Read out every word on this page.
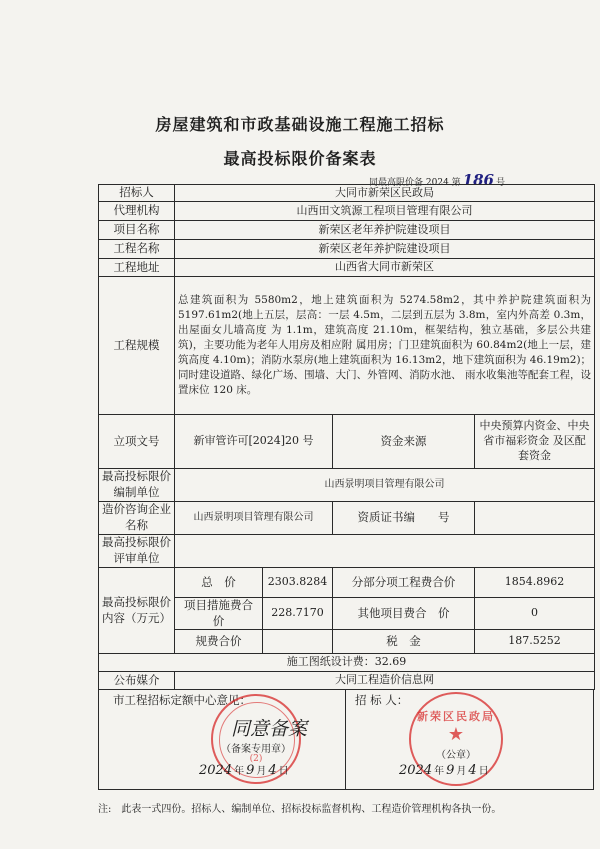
房屋建筑和市政基础设施工程施工招标
最高投标限价备案表
同最高限价备 2024 第 186 号
招标人	大同市新荣区民政局			
代理机构	山西田文筑源工程项目管理有限公司			
项目名称	新荣区老年养护院建设项目			
工程名称	新荣区老年养护院建设项目			
工程地址	山西省大同市新荣区			
工程规模	总建筑面积为 5580m2，地上建筑面积为 5274.58m2，其中养护院建筑面积为 5197.61m2(地上五层，层高：一层 4.5m，二层到五层为 3.8m，室内外高差 0.3m，出屋面女儿墙高度 为 1.1m，建筑高度 21.10m，框架结构，独立基础，多层公共建筑)，主要功能为老年人用房及相应附 属用房；门卫建筑面积为 60.84m2(地上一层，建筑高度 4.10m)；消防水泵房(地上建筑面积为 16.13m2，地下建筑面积为 46.19m2)；同时建设道路、绿化广场、围墙、大门、外管网、消防水池、 雨水收集池等配套工程，设置床位 120 床。			
立项文号	新审管许可[2024]20 号		资金来源	中央预算内资金、中央省市福彩资金 及区配套资金
最高投标限价编制单位	山西景明项目管理有限公司			
造价咨询企业名称	山西景明项目管理有限公司		资质证书编　　号	
最高投标限价评审单位				
最高投标限价内容（万元）	总　价	2303.8284	分部分项工程费合价	1854.8962
	项目措施费合　价	228.7170	其他项目费合　价	0
	规费合价		税　金	187.5252
施工图纸设计费：32.69				
公布媒介	大同工程造价信息网			
市工程招标定额中心意见：	招 标 人：
（备案专用章）
(2)
同意备案
新荣区民政局
★
（公章）
2024 年 9 月 4 日	2024 年 9 月 4 日
注:　此表一式四份。招标人、编制单位、招标投标监督机构、工程造价管理机构各执一份。
